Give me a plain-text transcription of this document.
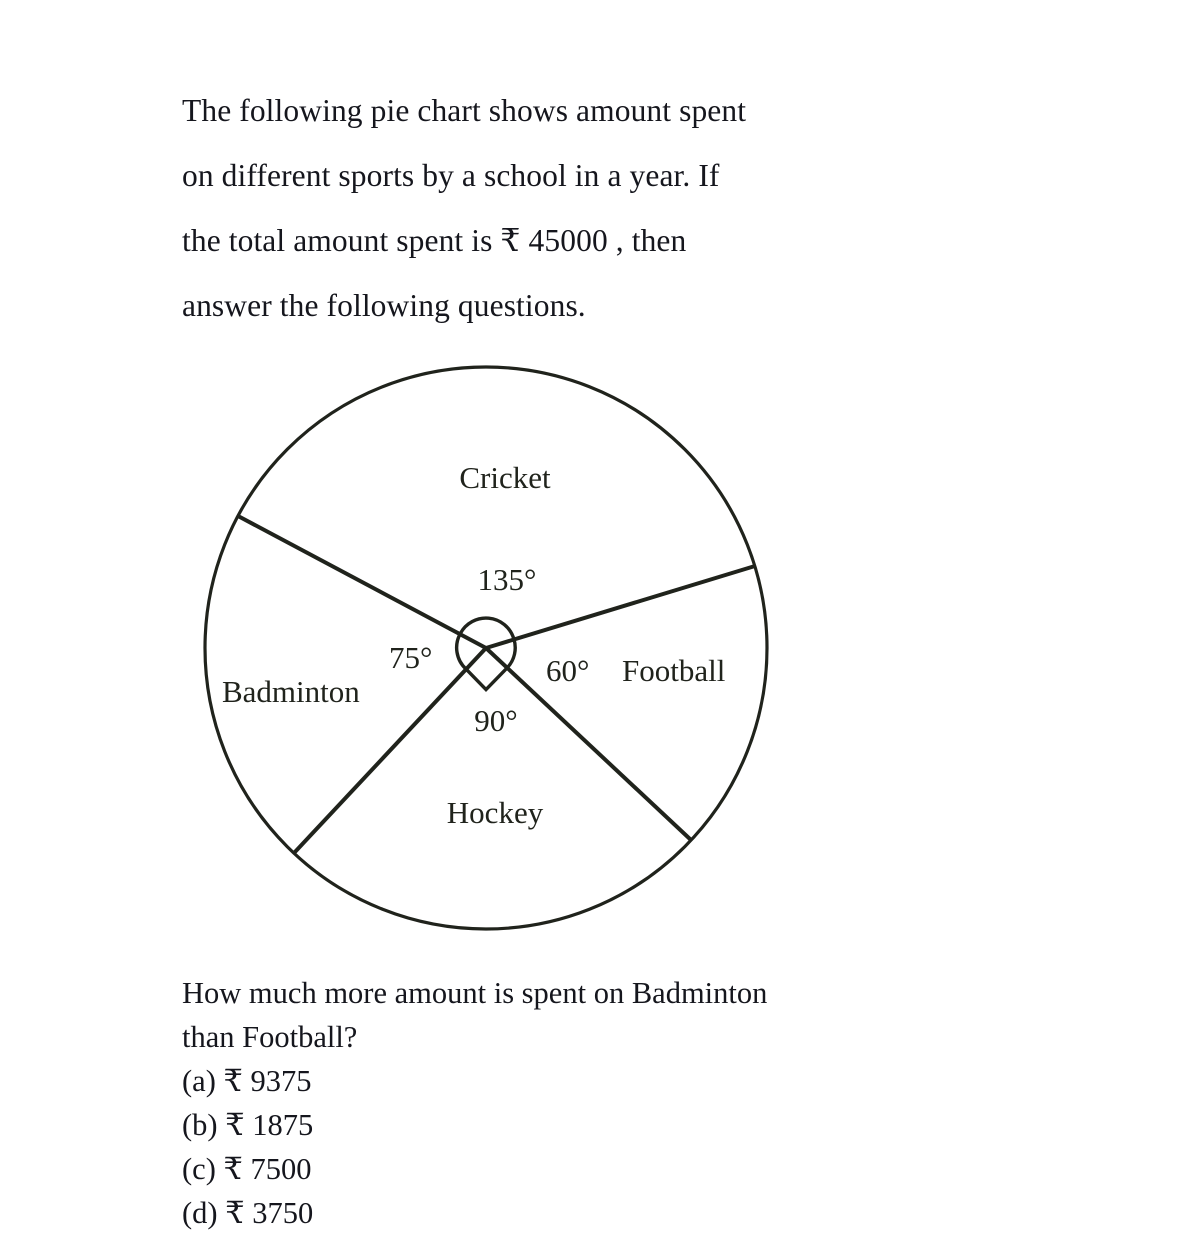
The following pie chart shows amount spent
on different sports by a school in a year. If
the total amount spent is ₹ 45000 , then
answer the following questions.
Cricket
Badminton
Football
Hockey
135°
75°	60°
90°
How much more amount is spent on Badminton
than Football?
(a) ₹ 9375
(b) ₹ 1875
(c) ₹ 7500
(d) ₹ 3750
